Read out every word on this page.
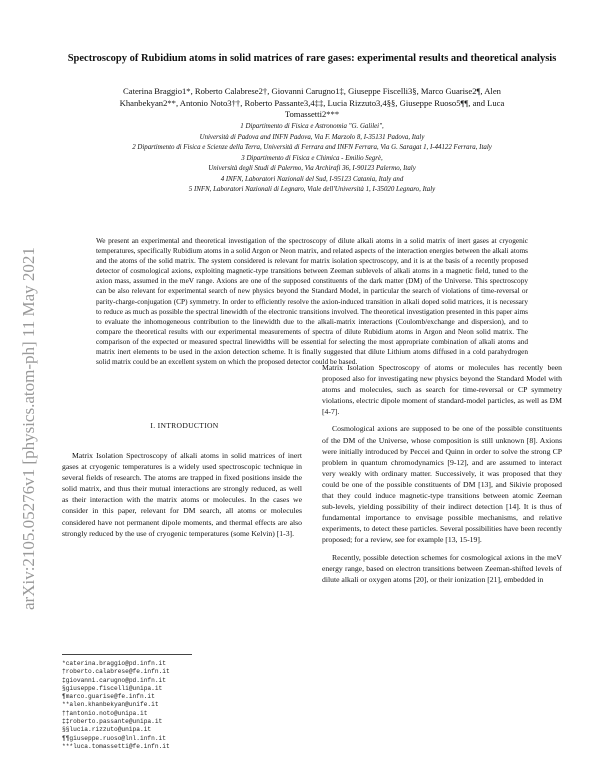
arXiv:2105.05276v1 [physics.atom-ph] 11 May 2021
Spectroscopy of Rubidium atoms in solid matrices of rare gases: experimental results and theoretical analysis
Caterina Braggio1*, Roberto Calabrese2†, Giovanni Carugno1‡, Giuseppe Fiscelli3§, Marco Guarise2¶, Alen Khanbekyan2**, Antonio Noto3††, Roberto Passante3,4‡‡, Lucia Rizzuto3,4§§, Giuseppe Ruoso5¶¶, and Luca Tomassetti2***
1 Dipartimento di Fisica e Astronomia "G. Galilei",
Università di Padova and INFN Padova, Via F. Marzolo 8, I-35131 Padova, Italy
2 Dipartimento di Fisica e Scienze della Terra, Università di Ferrara and INFN Ferrara, Via G. Saragat 1, I-44122 Ferrara, Italy
3 Dipartimento di Fisica e Chimica - Emilio Segrè,
Università degli Studi di Palermo, Via Archirafi 36, I-90123 Palermo, Italy
4 INFN, Laboratori Nazionali del Sud, I-95123 Catania, Italy and
5 INFN, Laboratori Nazionali di Legnaro, Viale dell'Università 1, I-35020 Legnaro, Italy
We present an experimental and theoretical investigation of the spectroscopy of dilute alkali atoms in a solid matrix of inert gases at cryogenic temperatures, specifically Rubidium atoms in a solid Argon or Neon matrix, and related aspects of the interaction energies between the alkali atoms and the atoms of the solid matrix. The system considered is relevant for matrix isolation spectroscopy, and it is at the basis of a recently proposed detector of cosmological axions, exploiting magnetic-type transitions between Zeeman sublevels of alkali atoms in a magnetic field, tuned to the axion mass, assumed in the meV range. Axions are one of the supposed constituents of the dark matter (DM) of the Universe. This spectroscopy can be also relevant for experimental search of new physics beyond the Standard Model, in particular the search of violations of time-reversal or parity-charge-conjugation (CP) symmetry. In order to efficiently resolve the axion-induced transition in alkali doped solid matrices, it is necessary to reduce as much as possible the spectral linewidth of the electronic transitions involved. The theoretical investigation presented in this paper aims to evaluate the inhomogeneous contribution to the linewidth due to the alkali-matrix interactions (Coulomb/exchange and dispersion), and to compare the theoretical results with our experimental measurements of spectra of dilute Rubidium atoms in Argon and Neon solid matrix. The comparison of the expected or measured spectral linewidths will be essential for selecting the most appropriate combination of alkali atoms and matrix inert elements to be used in the axion detection scheme. It is finally suggested that dilute Lithium atoms diffused in a cold parahydrogen solid matrix could be an excellent system on which the proposed detector could be based.
I. INTRODUCTION

Matrix Isolation Spectroscopy of alkali atoms in solid matrices of inert gases at cryogenic temperatures is a widely used spectroscopic technique in several fields of research. The atoms are trapped in fixed positions inside the solid matrix, and thus their mutual interactions are strongly reduced, as well as their interaction with the matrix atoms or molecules. In the cases we consider in this paper, relevant for DM search, all atoms or molecules considered have not permanent dipole moments, and thermal effects are also strongly reduced by the use of cryogenic temperatures (some Kelvin) [1-3].

Matrix Isolation Spectroscopy of atoms or molecules has recently been proposed also for investigating new physics beyond the Standard Model with atoms and molecules, such as search for time-reversal or CP symmetry violations, electric dipole moment of standard-model particles, as well as DM [4-7].

Cosmological axions are supposed to be one of the possible constituents of the DM of the Universe, whose composition is still unknown [8]. Axions were initially introduced by Peccei and Quinn in order to solve the strong CP problem in quantum chromodynamics [9-12], and are assumed to interact very weakly with ordinary matter. Successively, it was proposed that they could be one of the possible constituents of DM [13], and Sikivie proposed that they could induce magnetic-type transitions between atomic Zeeman sub-levels, yielding possibility of their indirect detection [14]. It is thus of fundamental importance to envisage possible mechanisms, and relative experiments, to detect these particles. Several possibilities have been recently proposed; for a review, see for example [13, 15-19].

Recently, possible detection schemes for cosmological axions in the meV energy range, based on electron transitions between Zeeman-shifted levels of dilute alkali or oxygen atoms [20], or their ionization [21], embedded in

*caterina.braggio@pd.infn.it
†roberto.calabrese@fe.infn.it
‡giovanni.carugno@pd.infn.it
§giuseppe.fiscelli@unipa.it
¶marco.guarise@fe.infn.it
**alen.khanbekyan@unife.it
††antonio.noto@unipa.it
‡‡roberto.passante@unipa.it
§§lucia.rizzuto@unipa.it
¶¶giuseppe.ruoso@lnl.infn.it
***luca.tomassetti@fe.infn.it
